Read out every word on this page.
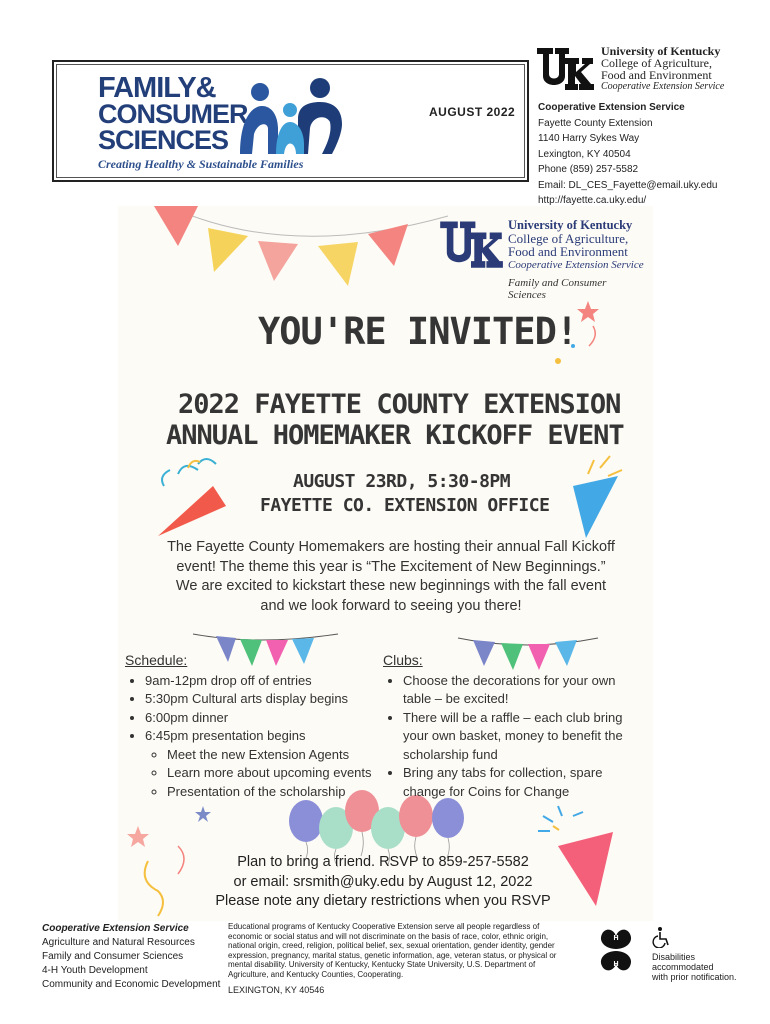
FAMILY&
CONSUMER
SCIENCES
Creating Healthy & Sustainable Families
AUGUST 2022
University of Kentucky
College of Agriculture,
Food and Environment
Cooperative Extension Service
Cooperative Extension Service
Fayette County Extension
1140 Harry Sykes Way
Lexington, KY 40504
Phone (859) 257-5582
Email: DL_CES_Fayette@email.uky.edu
http://fayette.ca.uky.edu/
University of Kentucky
College of Agriculture,
Food and Environment
Cooperative Extension Service
Family and Consumer Sciences
YOU'RE INVITED!
2022 FAYETTE COUNTY EXTENSION
ANNUAL HOMEMAKER KICKOFF EVENT
AUGUST 23RD, 5:30-8PM
FAYETTE CO. EXTENSION OFFICE
The Fayette County Homemakers are hosting their annual Fall Kickoff
event! The theme this year is “The Excitement of New Beginnings.”
We are excited to kickstart these new beginnings with the fall event
and we look forward to seeing you there!
Schedule:
• 9am-12pm drop off of entries
• 5:30pm Cultural arts display begins
• 6:00pm dinner
• 6:45pm presentation begins
◦ Meet the new Extension Agents
◦ Learn more about upcoming events
◦ Presentation of the scholarship
Clubs:
• Choose the decorations for your own table – be excited!
• There will be a raffle – each club bring your own basket, money to benefit the scholarship fund
• Bring any tabs for collection, spare change for Coins for Change
Plan to bring a friend. RSVP to 859-257-5582
or email: srsmith@uky.edu by August 12, 2022
Please note any dietary restrictions when you RSVP
Cooperative Extension Service
Agriculture and Natural Resources
Family and Consumer Sciences
4-H Youth Development
Community and Economic Development
Educational programs of Kentucky Cooperative Extension serve all people regardless of economic or social status and will not discriminate on the basis of race, color, ethnic origin, national origin, creed, religion, political belief, sex, sexual orientation, gender identity, gender expression, pregnancy, marital status, genetic information, age, veteran status, or physical or mental disability. University of Kentucky, Kentucky State University, U.S. Department of Agriculture, and Kentucky Counties, Cooperating.
LEXINGTON, KY 40546
H
H	H
H
Disabilities
accommodated
with prior notification.
